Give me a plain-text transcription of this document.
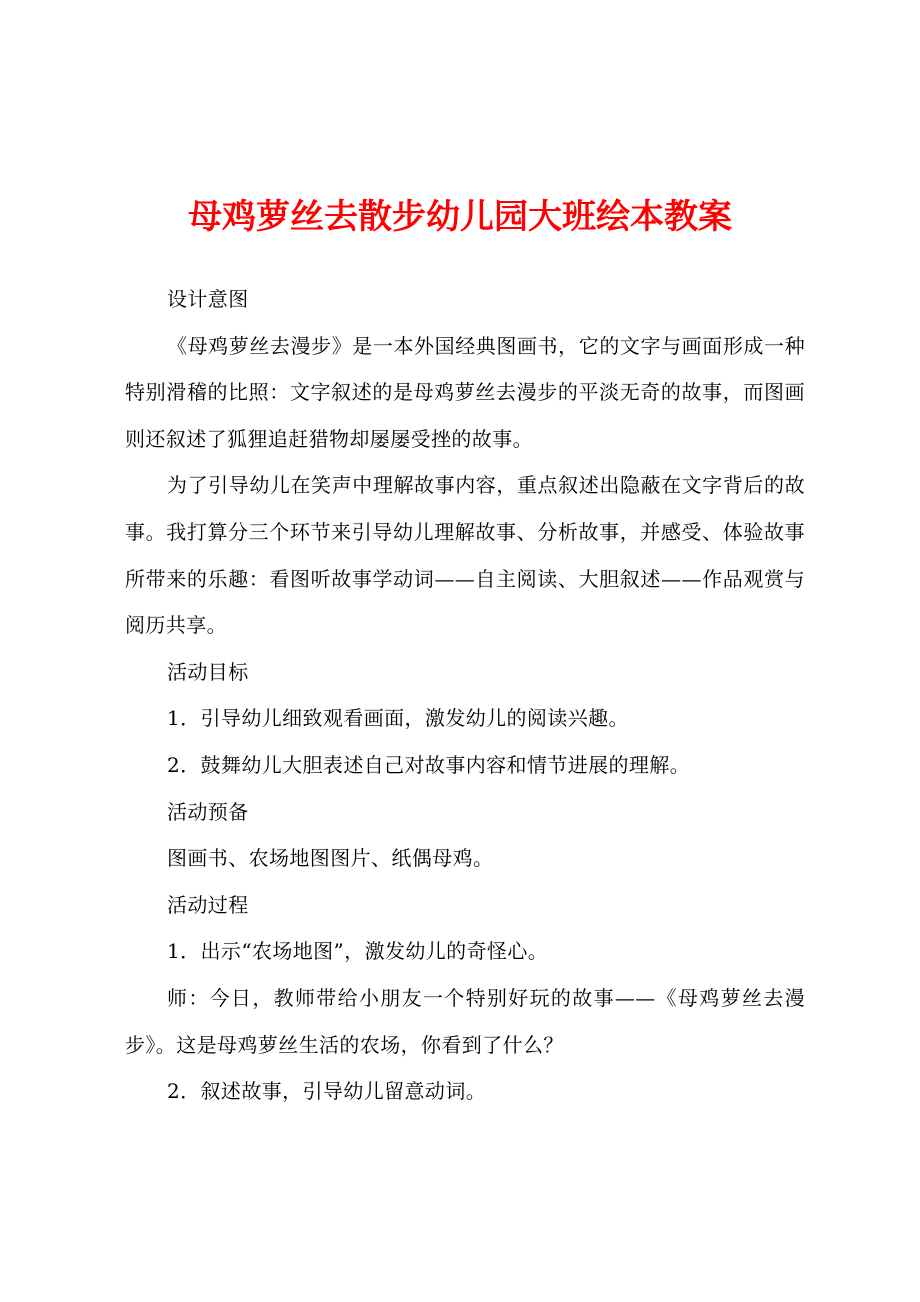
母鸡萝丝去散步幼儿园大班绘本教案

设计意图

《母鸡萝丝去漫步》是一本外国经典图画书，它的文字与画面形成一种特别滑稽的比照：文字叙述的是母鸡萝丝去漫步的平淡无奇的故事，而图画则还叙述了狐狸追赶猎物却屡屡受挫的故事。

为了引导幼儿在笑声中理解故事内容，重点叙述出隐蔽在文字背后的故事。我打算分三个环节来引导幼儿理解故事、分析故事，并感受、体验故事所带来的乐趣：看图听故事学动词——自主阅读、大胆叙述——作品观赏与阅历共享。

活动目标

1．引导幼儿细致观看画面，激发幼儿的阅读兴趣。

2．鼓舞幼儿大胆表述自己对故事内容和情节进展的理解。

活动预备

图画书、农场地图图片、纸偶母鸡。

活动过程

1．出示“农场地图”，激发幼儿的奇怪心。

师：今日，教师带给小朋友一个特别好玩的故事——《母鸡萝丝去漫步》。这是母鸡萝丝生活的农场，你看到了什么？

2．叙述故事，引导幼儿留意动词。
